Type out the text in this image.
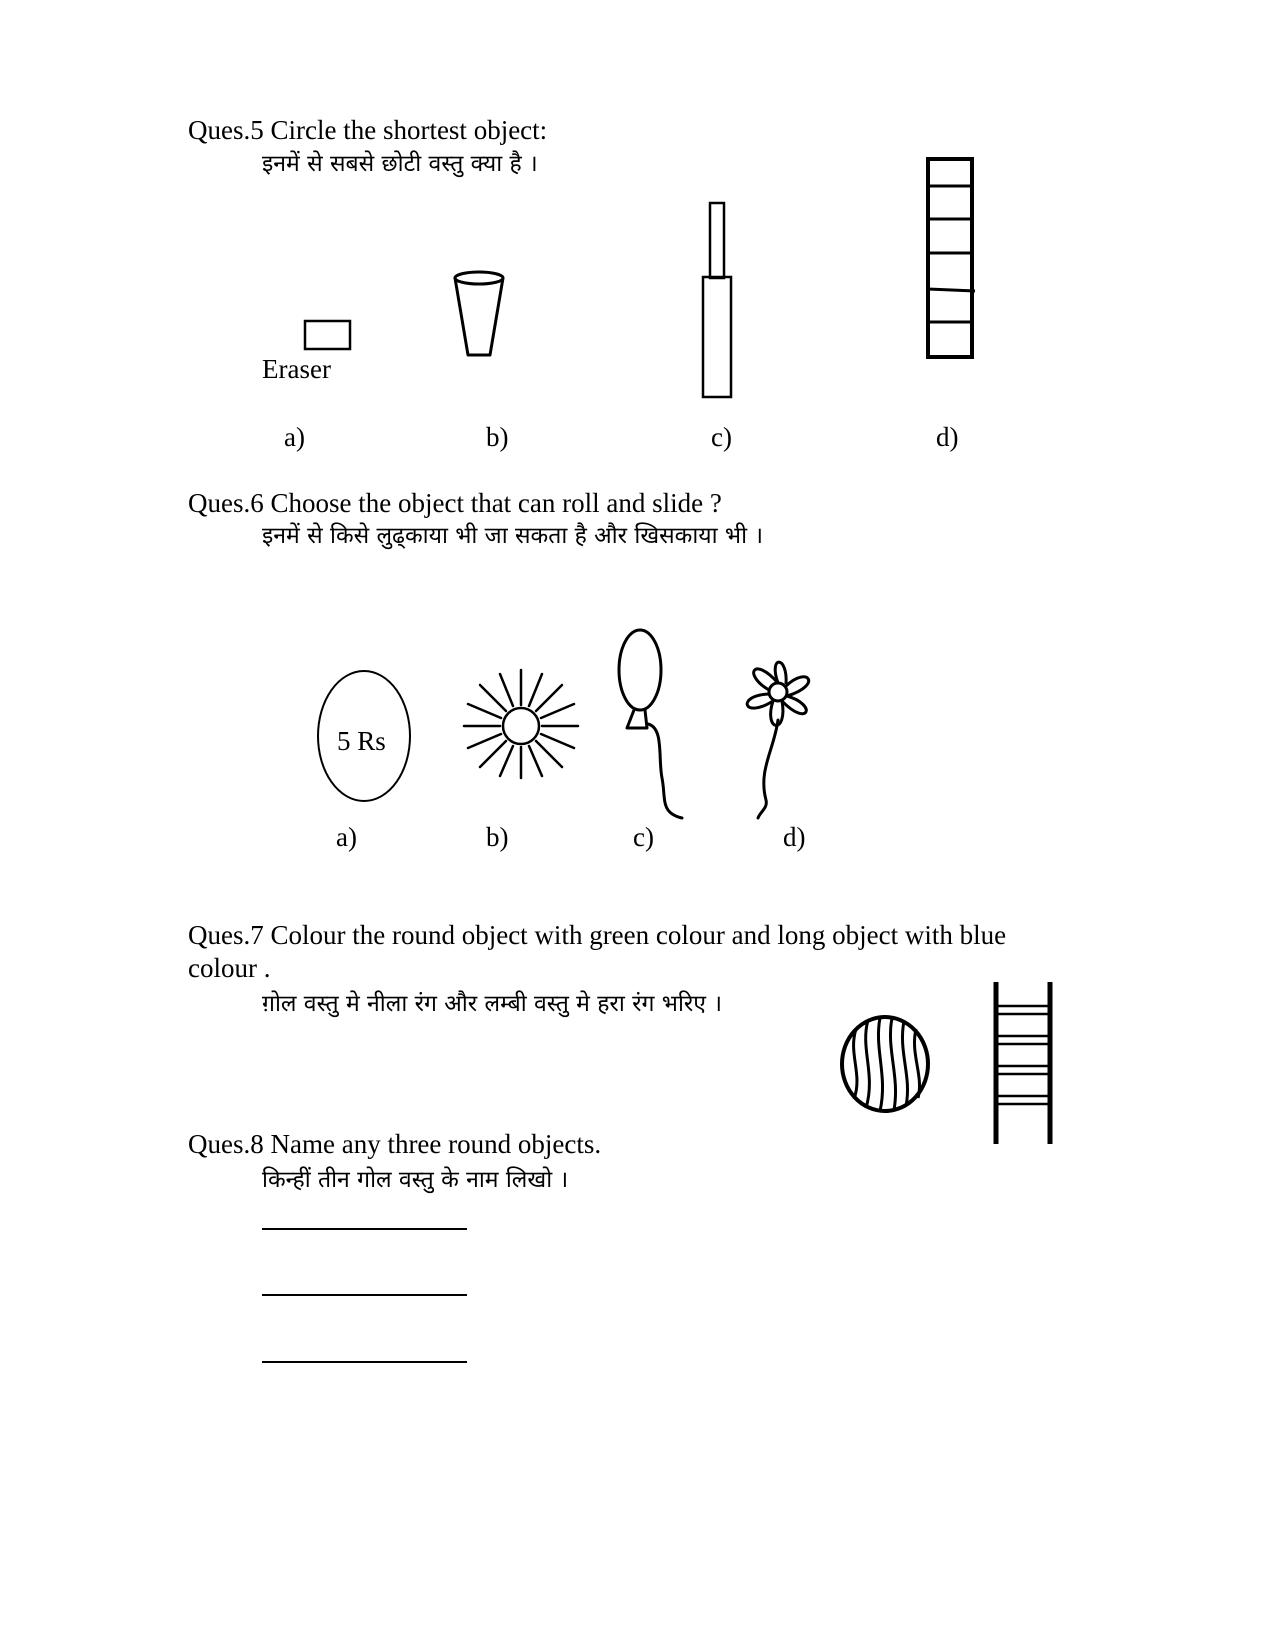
Ques.5 Circle the shortest object:
इनमें से सबसे छोटी वस्तु क्या है ।
Eraser
a)	b)	c)	d)
Ques.6 Choose the object that can roll and slide ?
इनमें से किसे लुढ्काया भी जा सकता है और खिसकाया भी ।
5 Rs
a)	b)	c)	d)
Ques.7 Colour the round object with green colour and long object with blue
colour .
ग़ोल वस्तु मे नीला रंग और लम्बी वस्तु मे हरा रंग भरिए ।
Ques.8 Name any three round objects.
किन्हीं तीन गोल वस्तु के नाम लिखो ।
